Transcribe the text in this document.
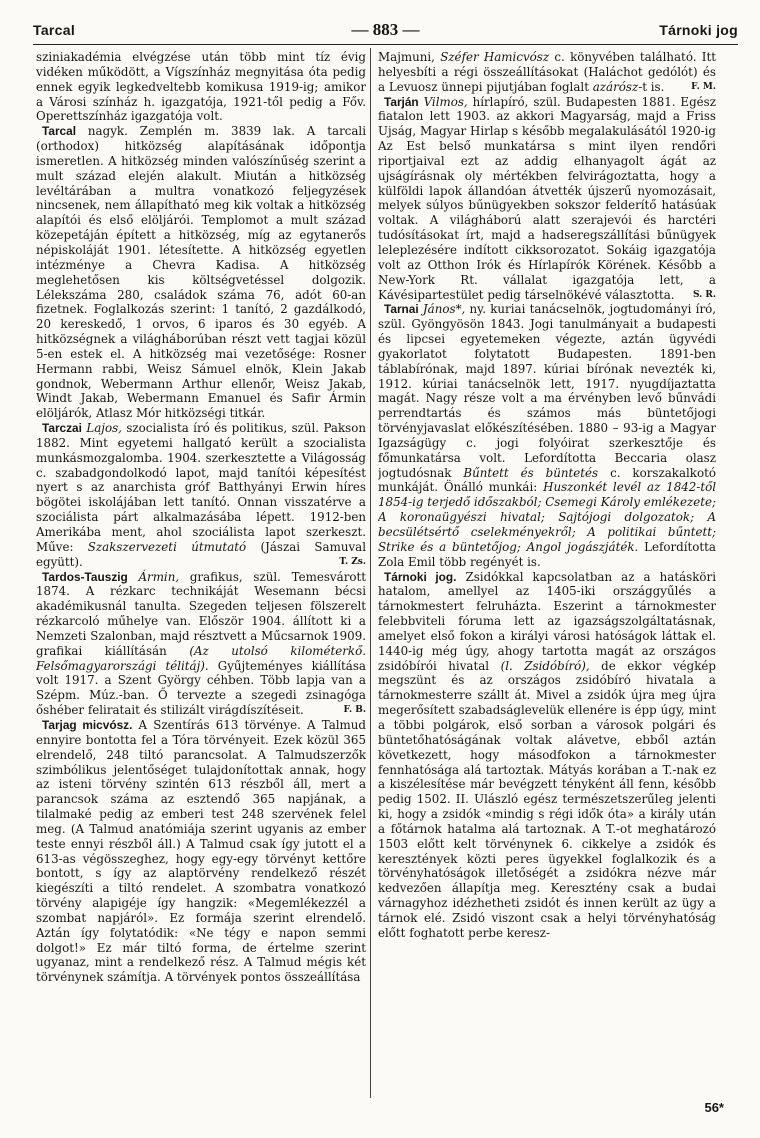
Tarcal	— 883 —	Tárnoki jog

sziniakadémia elvégzése után több mint tíz évig vidéken működött, a Vígszínház megnyitása óta pedig ennek egyik legkedveltebb komikusa 1919-ig; amikor a Városi színház h. igazgatója, 1921-től pedig a Főv. Operettszínház igazgatója volt.

Tarcal nagyk. Zemplén m. 3839 lak. A tarcali (orthodox) hitközség alapításának időpontja ismeretlen. A hitközség minden valószínűség szerint a mult század elején alakult. Miután a hitközség levéltárában a multra vonatkozó feljegyzések nincsenek, nem állapítható meg kik voltak a hitközség alapítói és első elöljárói. Templomot a mult század közepetáján épített a hitközség, míg az egytanerős népiskoláját 1901. létesítette. A hitközség egyetlen intézménye a Chevra Kadisa. A hitközség meglehetősen kis költségvetéssel dolgozik. Lélekszáma 280, családok száma 76, adót 60-an fizetnek. Foglalkozás szerint: 1 tanító, 2 gazdálkodó, 20 kereskedő, 1 orvos, 6 iparos és 30 egyéb. A hitközségnek a világháborúban részt vett tagjai közül 5-en estek el. A hitközség mai vezetősége: Rosner Hermann rabbi, Weisz Sámuel elnök, Klein Jakab gondnok, Webermann Arthur ellenőr, Weisz Jakab, Windt Jakab, Webermann Emanuel és Safir Ármin elöljárók, Atlasz Mór hitközségi titkár.

Tarczai Lajos, szocialista író és politikus, szül. Pakson 1882. Mint egyetemi hallgató került a szocialista munkásmozgalomba. 1904. szerkesztette a Világosság c. szabadgondolkodó lapot, majd tanítói képesítést nyert s az anarchista gróf Batthyányi Erwin híres bögötei iskolájában lett tanító. Onnan visszatérve a szociálista párt alkalmazásába lépett. 1912-ben Amerikába ment, ahol szociálista lapot szerkeszt. Műve: Szakszervezeti útmutató (Jászai Samuval együtt).	T. Zs.

Tardos-Tauszig Ármin, grafikus, szül. Temesvárott 1874. A rézkarc technikáját Wesemann bécsi akadémikusnál tanulta. Szegeden teljesen fölszerelt rézkarcoló műhelye van. Először 1904. állított ki a Nemzeti Szalonban, majd résztvett a Műcsarnok 1909. grafikai kiállításán (Az utolsó kilométerkő. Felsőmagyarországi télitáj). Gyűjteményes kiállítása volt 1917. a Szent György céhben. Több lapja van a Szépm. Múz.-ban. Ő tervezte a szegedi zsinagóga őshéber feliratait és stilizált virágdíszítéseit.	F. B.

Tarjag micvósz. A Szentírás 613 törvénye. A Talmud ennyire bontotta fel a Tóra törvényeit. Ezek közül 365 elrendelő, 248 tiltó parancsolat. A Talmudszerzők szimbólikus jelentőséget tulajdonítottak annak, hogy az isteni törvény szintén 613 részből áll, mert a parancsok száma az esztendő 365 napjának, a tilalmaké pedig az emberi test 248 szervének felel meg. (A Talmud anatómiája szerint ugyanis az ember teste ennyi részből áll.) A Talmud csak így jutott el a 613-as végösszeghez, hogy egy-egy törvényt kettőre bontott, s így az alaptörvény rendelkező részét kiegészíti a tiltó rendelet. A szombatra vonatkozó törvény alapigéje így hangzik: «Megemlékezzél a szombat napjáról». Ez formája szerint elrendelő. Aztán így folytatódik: «Ne tégy e napon semmi dolgot!» Ez már tiltó forma, de értelme szerint ugyanaz, mint a rendelkező rész. A Talmud mégis két törvénynek számítja. A törvények pontos összeállítása

Majmuni, Széfer Hamicvósz c. könyvében található. Itt helyesbíti a régi összeállításokat (Haláchot gedólót) és a Levuosz ünnepi pijutjában foglalt azárósz-t is.	F. M.

Tarján Vilmos, hírlapíró, szül. Budapesten 1881. Egész fiatalon lett 1903. az akkori Magyarság, majd a Friss Ujság, Magyar Hirlap s később megalakulásától 1920-ig Az Est belső munkatársa s mint ilyen rendőri riportjaival ezt az addig elhanyagolt ágát az ujságírásnak oly mértékben felvirágoztatta, hogy a külföldi lapok állandóan átvették újszerű nyomozásait, melyek súlyos bűnügyekben sokszor felderítő hatásúak voltak. A világháború alatt szerajevói és harctéri tudósításokat írt, majd a hadseregszállítási bűnügyek leleplezésére indított cikksorozatot. Sokáig igazgatója volt az Otthon Irók és Hírlapírók Körének. Később a New-York Rt. vállalat igazgatója lett, a Kávésipartestület pedig társelnökévé választotta.	S. R.

Tarnai János*, ny. kuriai tanácselnök, jogtudományi író, szül. Gyöngyösön 1843. Jogi tanulmányait a budapesti és lipcsei egyetemeken végezte, aztán ügyvédi gyakorlatot folytatott Budapesten. 1891-ben táblabírónak, majd 1897. kúriai bírónak nevezték ki, 1912. kúriai tanácselnök lett, 1917. nyugdíjaztatta magát. Nagy része volt a ma érvényben levő bűnvádi perrendtartás és számos más büntetőjogi törvényjavaslat előkészítésében. 1880 – 93-ig a Magyar Igazságügy c. jogi folyóirat szerkesztője és főmunkatársa volt. Lefordította Beccaria olasz jogtudósnak Bűntett és büntetés c. korszakalkotó munkáját. Önálló munkái: Huszonkét levél az 1842-től 1854-ig terjedő időszakból; Csemegi Károly emlékezete; A koronaügyészi hivatal; Sajtójogi dolgozatok; A becsülétsértő cselekményekről; A politikai bűntett; Strike és a büntetőjog; Angol jogászjáték. Lefordította Zola Emil több regényét is.

Tárnoki jog. Zsidókkal kapcsolatban az a hatásköri hatalom, amellyel az 1405-iki országgyűlés a tárnokmestert felruházta. Eszerint a tárnokmester felebbviteli fóruma lett az igazságszolgáltatásnak, amelyet első fokon a királyi városi hatóságok láttak el. 1440-ig még úgy, ahogy tartotta magát az országos zsidóbírói hivatal (l. Zsidóbíró), de ekkor végkép megszünt és az országos zsidóbíró hivatala a tárnokmesterre szállt át. Mivel a zsidók újra meg újra megerősített szabadságlevelük ellenére is épp úgy, mint a többi polgárok, első sorban a városok polgári és büntetőhatóságának voltak alávetve, ebből aztán következett, hogy másodfokon a tárnokmester fennhatósága alá tartoztak. Mátyás korában a T.-nak ez a kiszélesítése már bevégzett tényként áll fenn, később pedig 1502. II. Ulászló egész természetszerűleg jelenti ki, hogy a zsidók «mindig s régi idők óta» a király után a főtárnok hatalma alá tartoznak. A T.-ot meghatározó 1503 előtt kelt törvénynek 6. cikkelye a zsidók és keresztények közti peres ügyekkel foglalkozik és a törvényhatóságok illetőségét a zsidókra nézve már kedvezően állapítja meg. Keresztény csak a budai várnagyhoz idézhetheti zsidót és innen került az ügy a tárnok elé. Zsidó viszont csak a helyi törvényhatóság előtt foghatott perbe keresz-

56*
